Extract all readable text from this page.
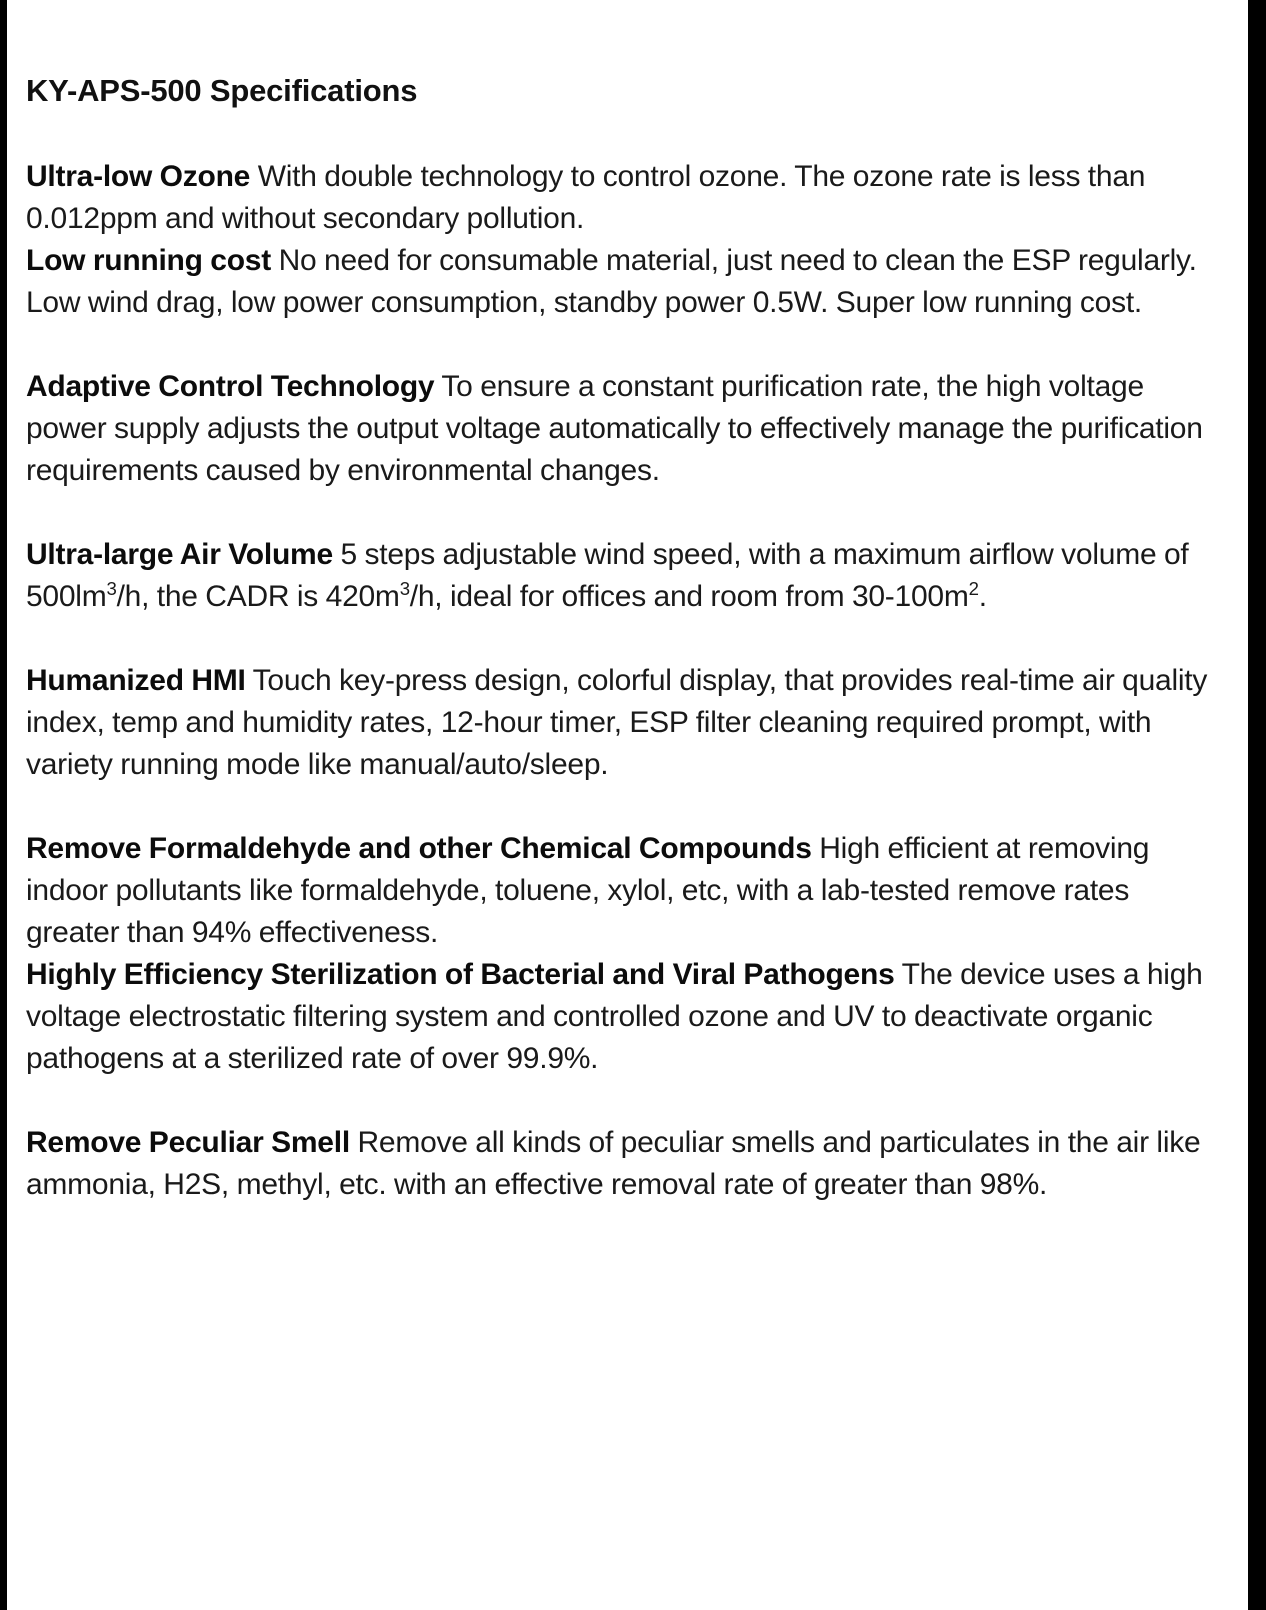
KY-APS-500 Specifications

Ultra-low Ozone With double technology to control ozone. The ozone rate is less than 0.012ppm and without secondary pollution.

Low running cost No need for consumable material, just need to clean the ESP regularly. Low wind drag, low power consumption, standby power 0.5W. Super low running cost.

Adaptive Control Technology To ensure a constant purification rate, the high voltage power supply adjusts the output voltage automatically to effectively manage the purification requirements caused by environmental changes.

Ultra-large Air Volume 5 steps adjustable wind speed, with a maximum airflow volume of $500lm^3/h$, the CADR is $420m^3/h$, ideal for offices and room from $30-100m^2$.

Humanized HMI Touch key-press design, colorful display, that provides real-time air quality index, temp and humidity rates, 12-hour timer, ESP filter cleaning required prompt, with variety running mode like manual/auto/sleep.

Remove Formaldehyde and other Chemical Compounds High efficient at removing indoor pollutants like formaldehyde, toluene, xylol, etc, with a lab-tested remove rates greater than 94% effectiveness.

Highly Efficiency Sterilization of Bacterial and Viral Pathogens The device uses a high voltage electrostatic filtering system and controlled ozone and UV to deactivate organic pathogens at a sterilized rate of over 99.9%.

Remove Peculiar Smell Remove all kinds of peculiar smells and particulates in the air like ammonia, H2S, methyl, etc. with an effective removal rate of greater than 98%.
